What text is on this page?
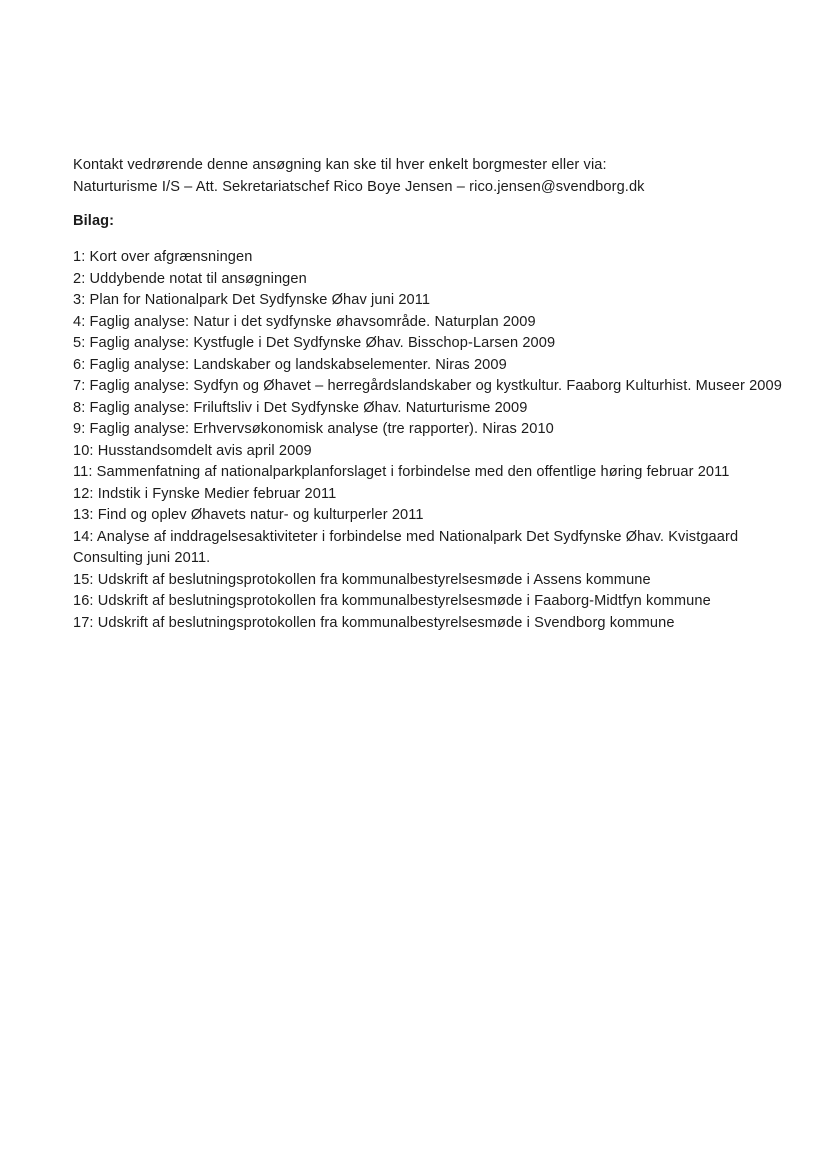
Kontakt vedrørende denne ansøgning kan ske til hver enkelt borgmester eller via:

Naturturisme I/S – Att. Sekretariatschef Rico Boye Jensen – rico.jensen@svendborg.dk

Bilag:

1: Kort over afgrænsningen

2: Uddybende notat til ansøgningen

3: Plan for Nationalpark Det Sydfynske Øhav juni 2011

4: Faglig analyse: Natur i det sydfynske øhavsområde. Naturplan 2009

5: Faglig analyse: Kystfugle i Det Sydfynske Øhav. Bisschop-Larsen 2009

6: Faglig analyse: Landskaber og landskabselementer. Niras 2009

7: Faglig analyse: Sydfyn og Øhavet – herregårdslandskaber og kystkultur. Faaborg Kulturhist. Museer 2009

8: Faglig analyse: Friluftsliv i Det Sydfynske Øhav. Naturturisme 2009

9: Faglig analyse: Erhvervsøkonomisk analyse (tre rapporter). Niras 2010

10: Husstandsomdelt avis april 2009

11: Sammenfatning af nationalparkplanforslaget i forbindelse med den offentlige høring februar 2011

12: Indstik i Fynske Medier februar 2011

13: Find og oplev Øhavets natur- og kulturperler 2011

14: Analyse af inddragelsesaktiviteter i forbindelse med Nationalpark Det Sydfynske Øhav. Kvistgaard

Consulting juni 2011.

15: Udskrift af beslutningsprotokollen fra kommunalbestyrelsesmøde i Assens kommune

16: Udskrift af beslutningsprotokollen fra kommunalbestyrelsesmøde i Faaborg-Midtfyn kommune

17: Udskrift af beslutningsprotokollen fra kommunalbestyrelsesmøde i Svendborg kommune
